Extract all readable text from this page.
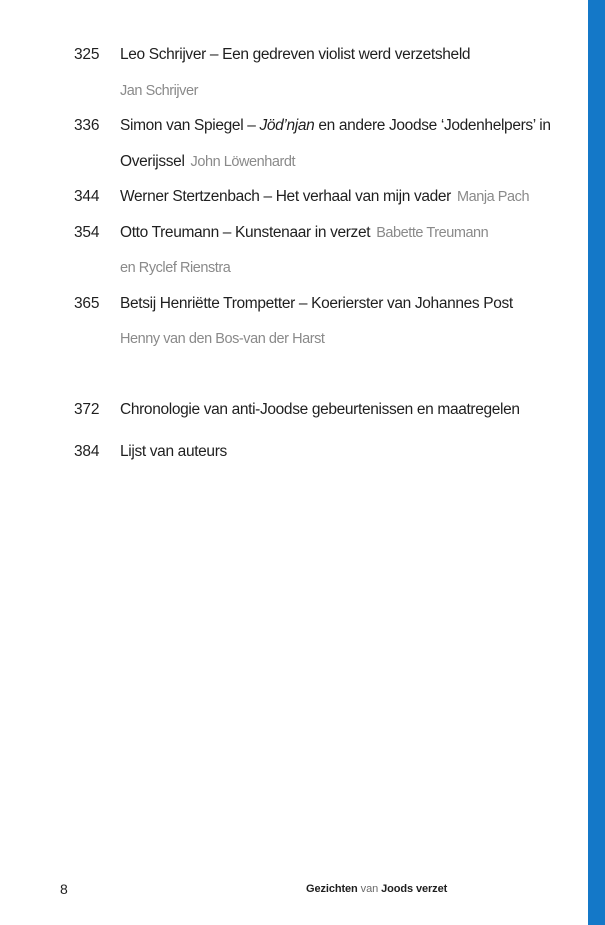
325 Leo Schrijver – Een gedreven violist werd verzetsheld
Jan Schrijver
336 Simon van Spiegel – Jöd’njan en andere Joodse ‘Jodenhelpers’ in
Overijssel John Löwenhardt
344 Werner Stertzenbach – Het verhaal van mijn vader Manja Pach
354 Otto Treumann – Kunstenaar in verzet Babette Treumann
en Ryclef Rienstra
365 Betsij Henriëtte Trompetter – Koerierster van Johannes Post
Henny van den Bos-van der Harst
372 Chronologie van anti-Joodse gebeurtenissen en maatregelen
384 Lijst van auteurs
8	Gezichten van Joods verzet
